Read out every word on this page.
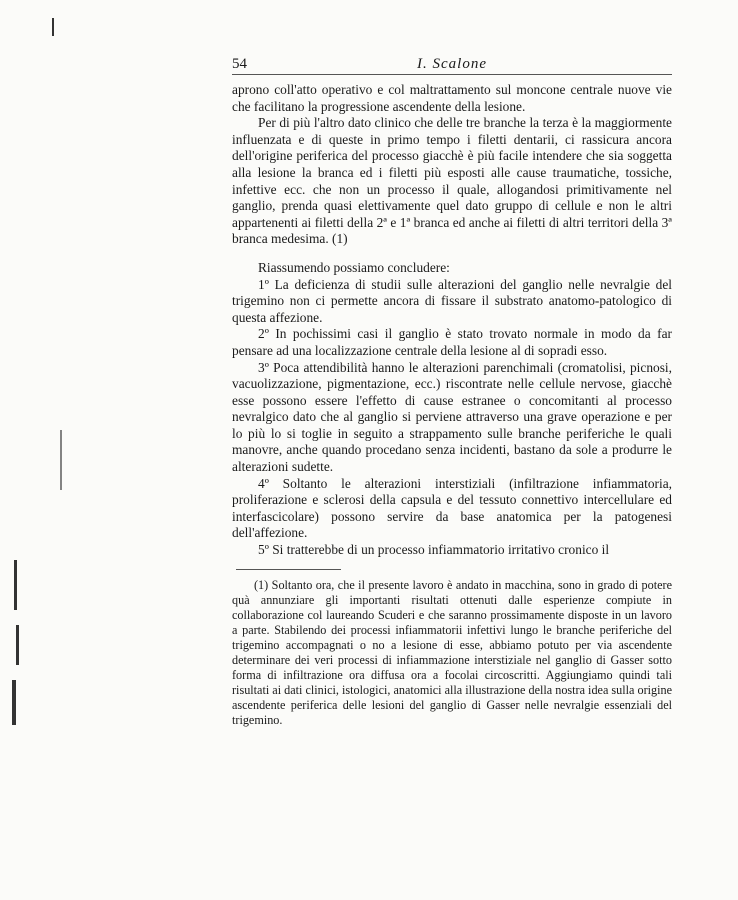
54	I. Scalone

aprono coll'atto operativo e col maltrattamento sul moncone centrale nuove vie che facilitano la progressione ascendente della lesione.

Per di più l'altro dato clinico che delle tre branche la terza è la maggiormente influenzata e di queste in primo tempo i filetti dentarii, ci rassicura ancora dell'origine periferica del processo giacchè è più facile intendere che sia soggetta alla lesione la branca ed i filetti più esposti alle cause traumatiche, tossiche, infettive ecc. che non un processo il quale, allogandosi primitivamente nel ganglio, prenda quasi elettivamente quel dato gruppo di cellule e non le altri appartenenti ai filetti della 2ª e 1ª branca ed anche ai filetti di altri territori della 3ª branca medesima. (1)

Riassumendo possiamo concludere:

1º La deficienza di studii sulle alterazioni del ganglio nelle nevralgie del trigemino non ci permette ancora di fissare il substrato anatomo-patologico di questa affezione.

2º In pochissimi casi il ganglio è stato trovato normale in modo da far pensare ad una localizzazione centrale della lesione al di sopradi esso.

3º Poca attendibilità hanno le alterazioni parenchimali (cromatolisi, picnosi, vacuolizzazione, pigmentazione, ecc.) riscontrate nelle cellule nervose, giacchè esse possono essere l'effetto di cause estranee o concomitanti al processo nevralgico dato che al ganglio si perviene attraverso una grave operazione e per lo più lo si toglie in seguito a strappamento sulle branche periferiche le quali manovre, anche quando procedano senza incidenti, bastano da sole a produrre le alterazioni sudette.

4º Soltanto le alterazioni interstiziali (infiltrazione infiammatoria, proliferazione e sclerosi della capsula e del tessuto connettivo intercellulare ed interfascicolare) possono servire da base anatomica per la patogenesi dell'affezione.

5º Si tratterebbe di un processo infiammatorio irritativo cronico il

(1) Soltanto ora, che il presente lavoro è andato in macchina, sono in grado di potere quà annunziare gli importanti risultati ottenuti dalle esperienze compiute in collaborazione col laureando Scuderi e che saranno prossimamente disposte in un lavoro a parte. Stabilendo dei processi infiammatorii infettivi lungo le branche periferiche del trigemino accompagnati o no a lesione di esse, abbiamo potuto per via ascendente determinare dei veri processi di infiammazione interstiziale nel ganglio di Gasser sotto forma di infiltrazione ora diffusa ora a focolai circoscritti. Aggiungiamo quindi tali risultati ai dati clinici, istologici, anatomici alla illustrazione della nostra idea sulla origine ascendente periferica delle lesioni del ganglio di Gasser nelle nevralgie essenziali del trigemino.
